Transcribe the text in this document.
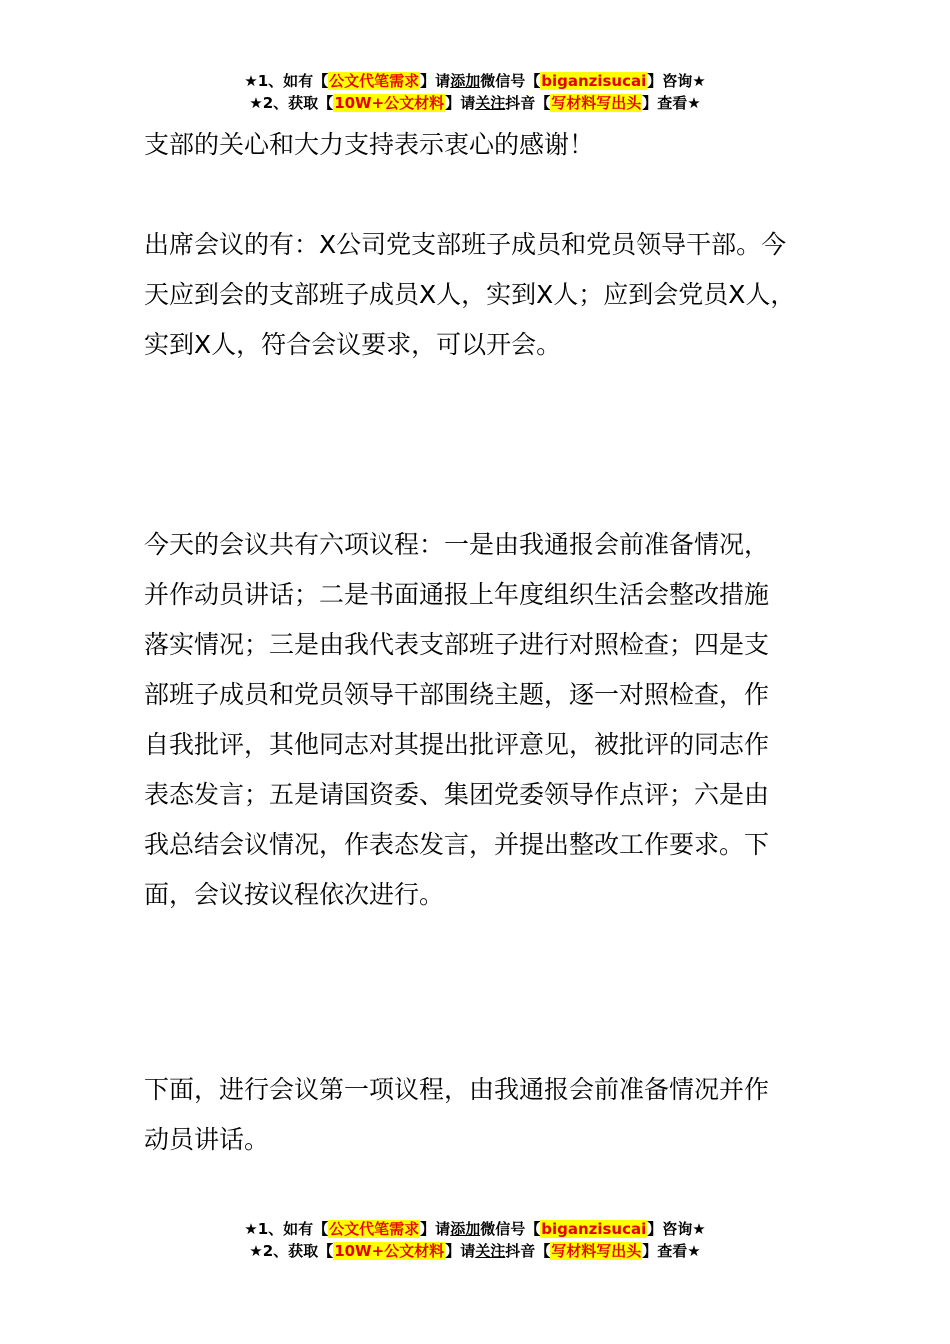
★1、如有【公文代笔需求】请添加微信号【biganzisucai】咨询★
★2、获取【10W+公文材料】请关注抖音【写材料写出头】查看★
支部的关心和大力支持表示衷心的感谢！
出席会议的有：X公司党支部班子成员和党员领导干部。今
天应到会的支部班子成员X人，实到X人；应到会党员X人，
实到X人，符合会议要求，可以开会。
今天的会议共有六项议程：一是由我通报会前准备情况，
并作动员讲话；二是书面通报上年度组织生活会整改措施
落实情况；三是由我代表支部班子进行对照检查；四是支
部班子成员和党员领导干部围绕主题，逐一对照检查，作
自我批评，其他同志对其提出批评意见，被批评的同志作
表态发言；五是请国资委、集团党委领导作点评；六是由
我总结会议情况，作表态发言，并提出整改工作要求。下
面，会议按议程依次进行。
下面，进行会议第一项议程，由我通报会前准备情况并作
动员讲话。
★1、如有【公文代笔需求】请添加微信号【biganzisucai】咨询★
★2、获取【10W+公文材料】请关注抖音【写材料写出头】查看★
